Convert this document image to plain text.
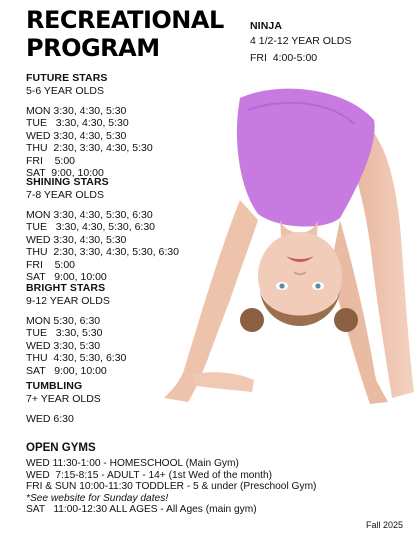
RECREATIONAL
PROGRAM
NINJA
4 1/2-12 YEAR OLDS
FRI  4:00-5:00
FUTURE STARS
5-6 YEAR OLDS
MON 3:30, 4:30, 5:30
TUE   3:30, 4:30, 5:30
WED 3:30, 4:30, 5:30
THU  2:30, 3:30, 4:30, 5:30
FRI    5:00
SAT  9:00, 10:00
SHINING STARS
7-8 YEAR OLDS
MON 3:30, 4:30, 5:30, 6:30
TUE   3:30, 4:30, 5:30, 6:30
WED 3:30, 4:30, 5:30
THU  2:30, 3:30, 4:30, 5:30, 6:30
FRI    5:00
SAT   9:00, 10:00
BRIGHT STARS
9-12 YEAR OLDS
MON 5:30, 6:30
TUE   3:30, 5:30
WED 3:30, 5:30
THU  4:30, 5:30, 6:30
SAT   9:00, 10:00
TUMBLING
7+ YEAR OLDS
WED 6:30
OPEN GYMS
WED 11:30-1:00 - HOMESCHOOL (Main Gym)
WED  7:15-8:15 - ADULT - 14+ (1st Wed of the month)
FRI & SUN 10:00-11:30 TODDLER - 5 & under (Preschool Gym)
*See website for Sunday dates!
SAT   11:00-12:30 ALL AGES - All Ages (main gym)
Fall 2025
